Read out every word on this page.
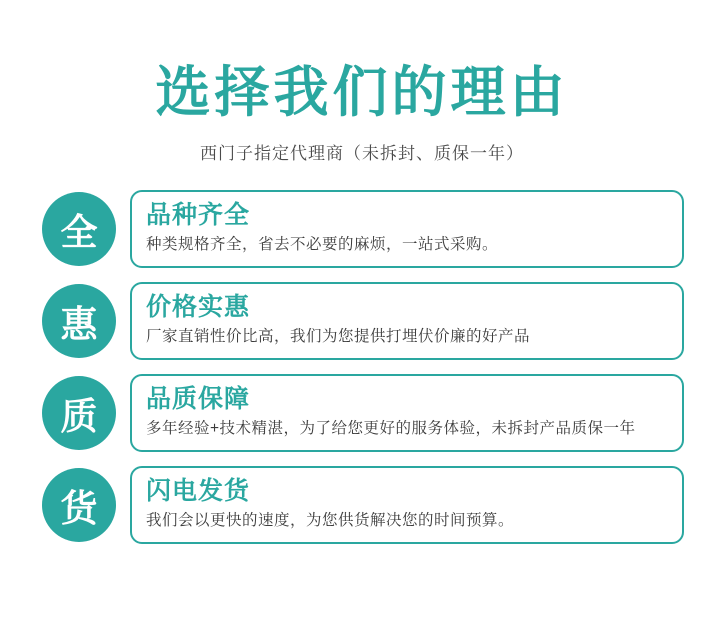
选择我们的理由
西门子指定代理商（未拆封、质保一年）
全	品种齐全
种类规格齐全，省去不必要的麻烦，一站式采购。
惠	价格实惠
厂家直销性价比高，我们为您提供打埋伏价廉的好产品
质	品质保障
多年经验+技术精湛，为了给您更好的服务体验，未拆封产品质保一年
货	闪电发货
我们会以更快的速度，为您供货解决您的时间预算。
